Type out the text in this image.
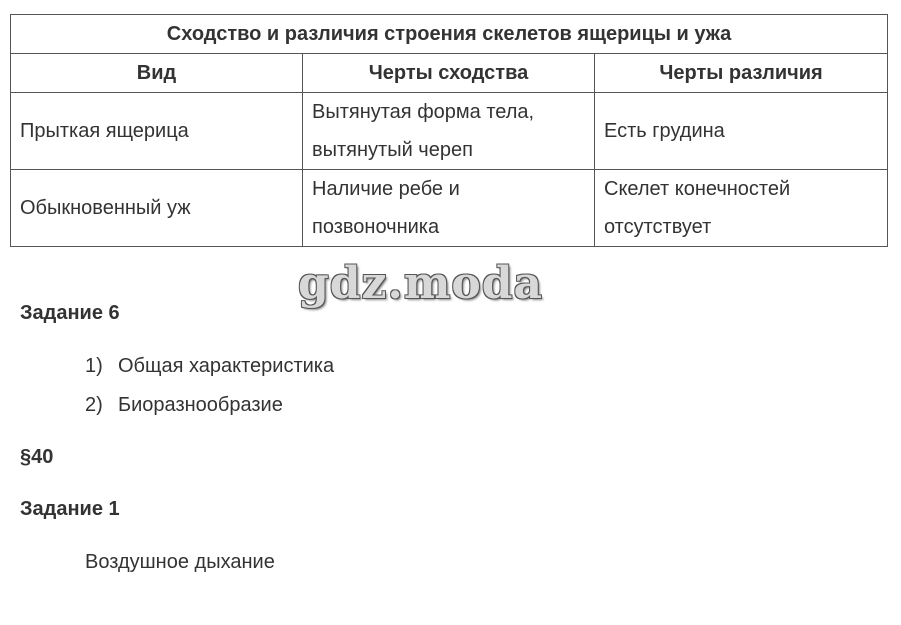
Сходство и различия строения скелетов ящерицы и ужа		
Вид	Черты сходства	Черты различия
Прыткая ящерица	Вытянутая форма тела, вытянутый череп	Есть грудина
Обыкновенный уж	Наличие ребе и позвоночника	Скелет конечностей отсутствует
gdz.moda
Задание 6
1) Общая характеристика
2) Биоразнообразие
§40
Задание 1
Воздушное дыхание
